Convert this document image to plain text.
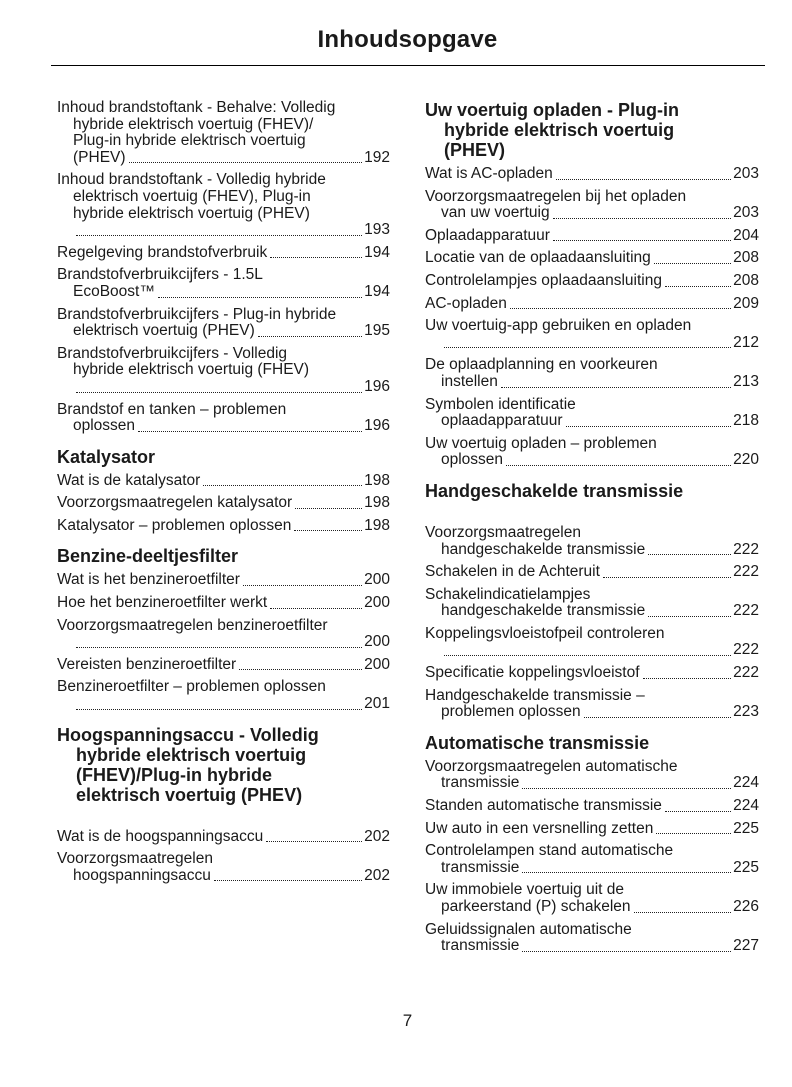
Inhoudsopgave
Inhoud brandstoftank - Behalve: Volledig
hybride elektrisch voertuig (FHEV)/
Plug-in hybride elektrisch voertuig
(PHEV)	192
Inhoud brandstoftank - Volledig hybride
elektrisch voertuig (FHEV), Plug-in
hybride elektrisch voertuig (PHEV)
193
Regelgeving brandstofverbruik	194
Brandstofverbruikcijfers - 1.5L
EcoBoost™	194
Brandstofverbruikcijfers - Plug-in hybride
elektrisch voertuig (PHEV)	195
Brandstofverbruikcijfers - Volledig
hybride elektrisch voertuig (FHEV)
196
Brandstof en tanken – problemen
oplossen	196
Katalysator
Wat is de katalysator	198
Voorzorgsmaatregelen katalysator	198
Katalysator – problemen oplossen	198
Benzine-deeltjesfilter
Wat is het benzineroetfilter	200
Hoe het benzineroetfilter werkt	200
Voorzorgsmaatregelen benzineroetfilter
200
Vereisten benzineroetfilter	200
Benzineroetfilter – problemen oplossen
201
Hoogspanningsaccu - Volledig
hybride elektrisch voertuig
(FHEV)/Plug-in hybride
elektrisch voertuig (PHEV)
Wat is de hoogspanningsaccu	202
Voorzorgsmaatregelen
hoogspanningsaccu	202
Uw voertuig opladen - Plug-in
hybride elektrisch voertuig
(PHEV)
Wat is AC-opladen	203
Voorzorgsmaatregelen bij het opladen
van uw voertuig	203
Oplaadapparatuur	204
Locatie van de oplaadaansluiting	208
Controlelampjes oplaadaansluiting	208
AC-opladen	209
Uw voertuig-app gebruiken en opladen
212
De oplaadplanning en voorkeuren
instellen	213
Symbolen identificatie
oplaadapparatuur	218
Uw voertuig opladen – problemen
oplossen	220
Handgeschakelde transmissie
Voorzorgsmaatregelen
handgeschakelde transmissie	222
Schakelen in de Achteruit	222
Schakelindicatielampjes
handgeschakelde transmissie	222
Koppelingsvloeistofpeil controleren
222
Specificatie koppelingsvloeistof	222
Handgeschakelde transmissie –
problemen oplossen	223
Automatische transmissie
Voorzorgsmaatregelen automatische
transmissie	224
Standen automatische transmissie	224
Uw auto in een versnelling zetten	225
Controlelampen stand automatische
transmissie	225
Uw immobiele voertuig uit de
parkeerstand (P) schakelen	226
Geluidssignalen automatische
transmissie	227
7
